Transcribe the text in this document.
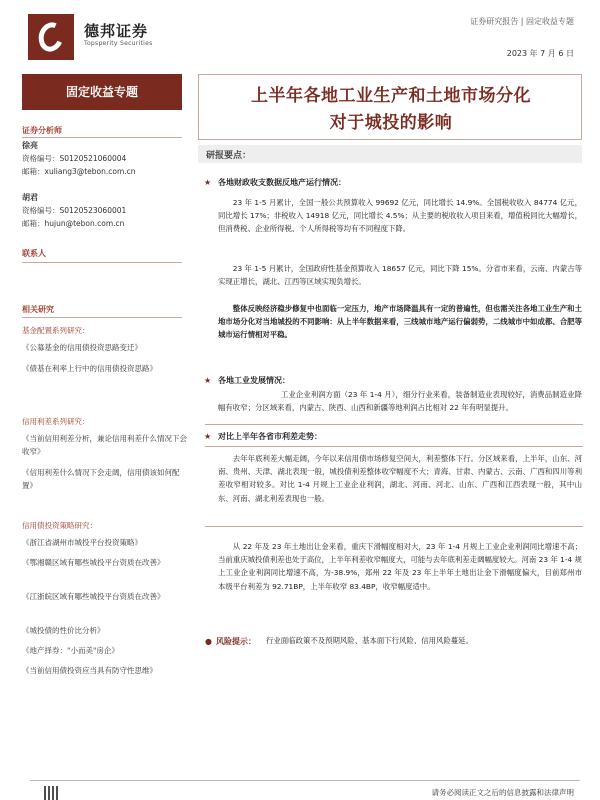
德邦证券
Topsperity Securities
证券研究报告 | 固定收益专题
2023 年 7 月 6 日
固定收益专题
证券分析师
徐亮
资格编号：S0120521060004
邮箱：xuliang3@tebon.com.cn
胡君
资格编号：S0120523060001
邮箱：hujun@tebon.com.cn
联系人
相关研究
基金配置系列研究：
《公募基金的信用债投资思路变迁》
《债基在利率上行中的信用债投资思路》
信用利差系列研究：
《当前信用利差分析，兼论信用利差什么情况下会收窄》
《信用利差什么情况下会走阔，信用债该如何配置》
信用债投资策略研究：
《浙江省湖州市城投平台投资策略》
《鄂湘赣区域有哪些城投平台资质在改善》
《江浙皖区域有哪些城投平台资质在改善》
《城投债的性价比分析》
《地产择券："小而美"房企》
《当前信用债投资应当具有防守性思维》
上半年各地工业生产和土地市场分化
对于城投的影响
研报要点：
★ 各地财政收支数据反地产运行情况：
23 年 1-5 月累计，全国一般公共预算收入 99692 亿元，同比增长 14.9%。全国税收收入 84774 亿元，同比增长 17%；非税收入 14918 亿元，同比增长 4.5%；从主要的税收收入项目来看，增值税同比大幅增长，但消费税、企业所得税、个人所得税等均有不同程度下降。
23 年 1-5 月累计，全国政府性基金预算收入 18657 亿元，同比下降 15%。分省市来看，云南、内蒙古等实现正增长，湖北、江西等区域实现负增长。
整体反映经济稳步修复中也面临一定压力，地产市场降温具有一定的普遍性，但也需关注各地工业生产和土地市场分化对当地城投的不同影响：从上半年数据来看，三线城市地产运行偏弱势，二线城市中如成都、合肥等城市运行情相对平稳。
★ 各地工业发展情况：
工业企业利润方面（23 年 1-4 月），细分行业来看，装备制造业表现较好，消费品制造业降幅有收窄；分区域来看，内蒙古、陕西、山西和新疆等地利润占比相对 22 年有明显提升。
★ 对比上半年各省市利差走势：
去年年底利差大幅走阔，今年以来信用债市场修复空间大，利差整体下行。分区域来看，上半年，山东、河南、贵州、天津、湖北表现一般，城投债利差整体收窄幅度不大；青海、甘肃、内蒙古、云南、广西和四川等利差收窄相对较多。对比 1-4 月规上工业企业利润，湖北、河南、河北、山东、广西和江西表现一般，其中山东、河南、湖北利差表现也一般。
从 22 年及 23 年土地出让金来看，重庆下滑幅度相对大，23 年 1-4 月规上工业企业利润同比增速不高；当前重庆城投债利差也处于高位，上半年利差收窄幅度大，可能与去年底利差走阔幅度较大。河南 23 年 1-4 规上工业企业利润同比增速不高，为-38.9%，郑州 22 年及 23 年上半年土地出让金下滑幅度偏大，目前郑州市本级平台利差为 92.71BP，上半年收窄 83.4BP，收窄幅度适中。
● 风险提示： 行业面临政策不及预期风险、基本面下行风险、信用风险蔓延。
请务必阅读正文之后的信息披露和法律声明
